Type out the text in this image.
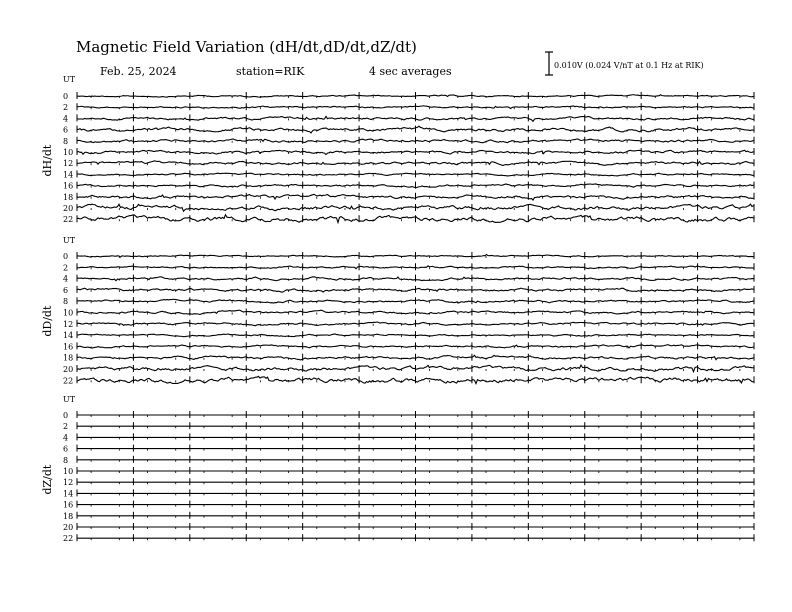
Magnetic Field Variation (dH/dt,dD/dt,dZ/dt)
Feb. 25, 2024	station=RIK	4 sec averages	0.010V (0.024 V/nT at 0.1 Hz at RIK)
UT
dH/dt
0
2
4
6
8
10
12
14
16
18
20
22
UT
dD/dt
0
2
4
6
8
10
12
14
16
18
20
22
UT
dZ/dt
0
2
4
6
8
10
12
14
16
18
20
22
